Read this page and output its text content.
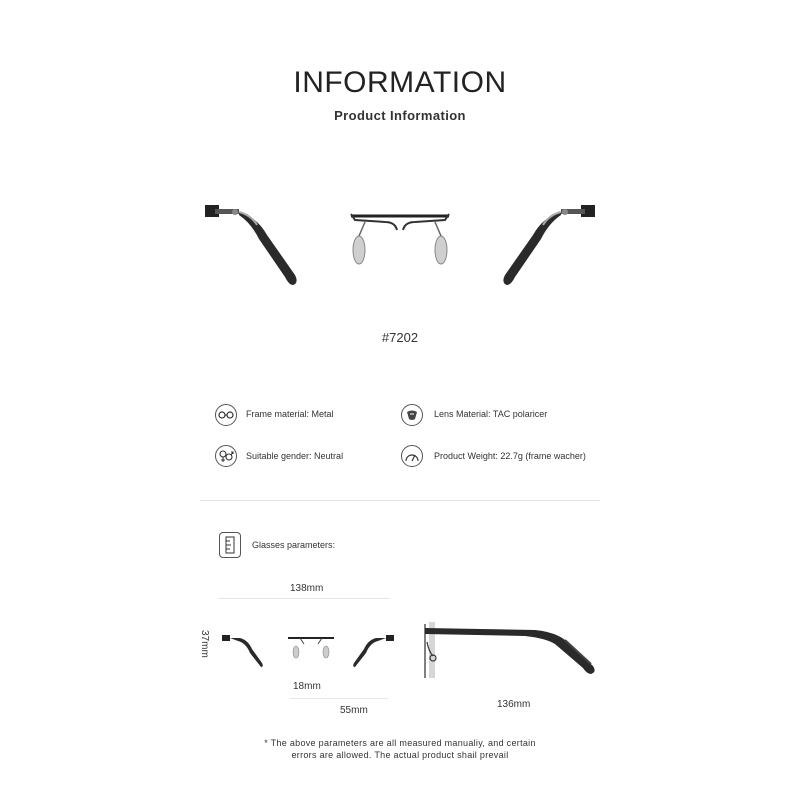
INFORMATION
Product Information
#7202
Frame material: Metal	Lens Material: TAC polaricer
Suitable gender: Neutral	Product Weight: 22.7g (frame wacher)
Glasses parameters:
138mm
37mm
18mm
55mm
136mm
* The above parameters are all measured manualiy, and certain
errors are allowed. The actual product shail prevail
